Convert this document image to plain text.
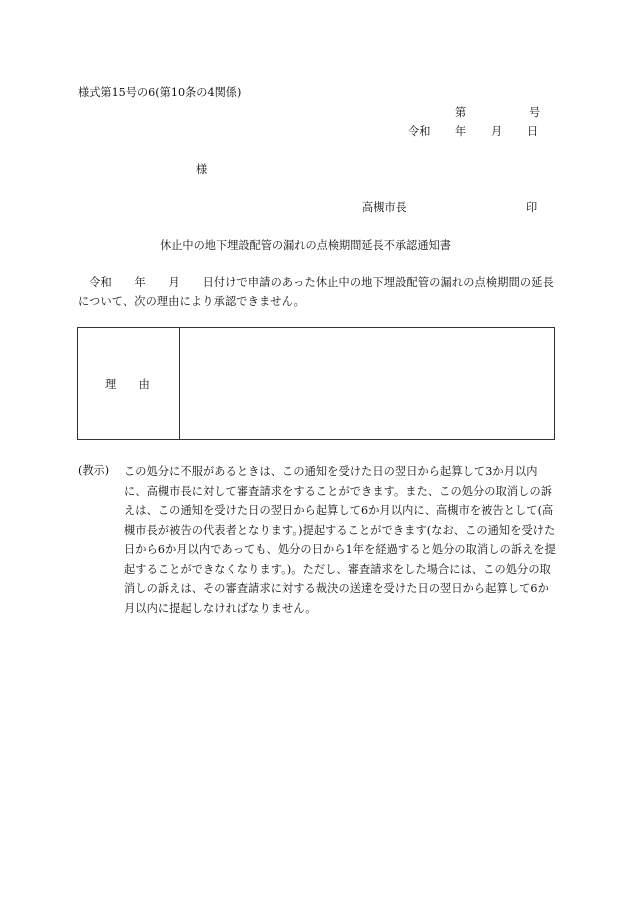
様式第15号の6(第10条の4関係)
第	号
令和 年 月 日
様
高槻市長	印
休止中の地下埋設配管の漏れの点検期間延長不承認通知書
令和　　年　　月　　日付けで申請のあった休止中の地下埋設配管の漏れの点検期間の延長について、次の理由により承認できません。
理　　由
(教示) この処分に不服があるときは、この通知を受けた日の翌日から起算して3か月以内に、高槻市長に対して審査請求をすることができます。また、この処分の取消しの訴えは、この通知を受けた日の翌日から起算して6か月以内に、高槻市を被告として(高槻市長が被告の代表者となります。)提起することができます(なお、この通知を受けた日から6か月以内であっても、処分の日から1年を経過すると処分の取消しの訴えを提起することができなくなります。)。ただし、審査請求をした場合には、この処分の取消しの訴えは、その審査請求に対する裁決の送達を受けた日の翌日から起算して6か月以内に提起しなければなりません。
